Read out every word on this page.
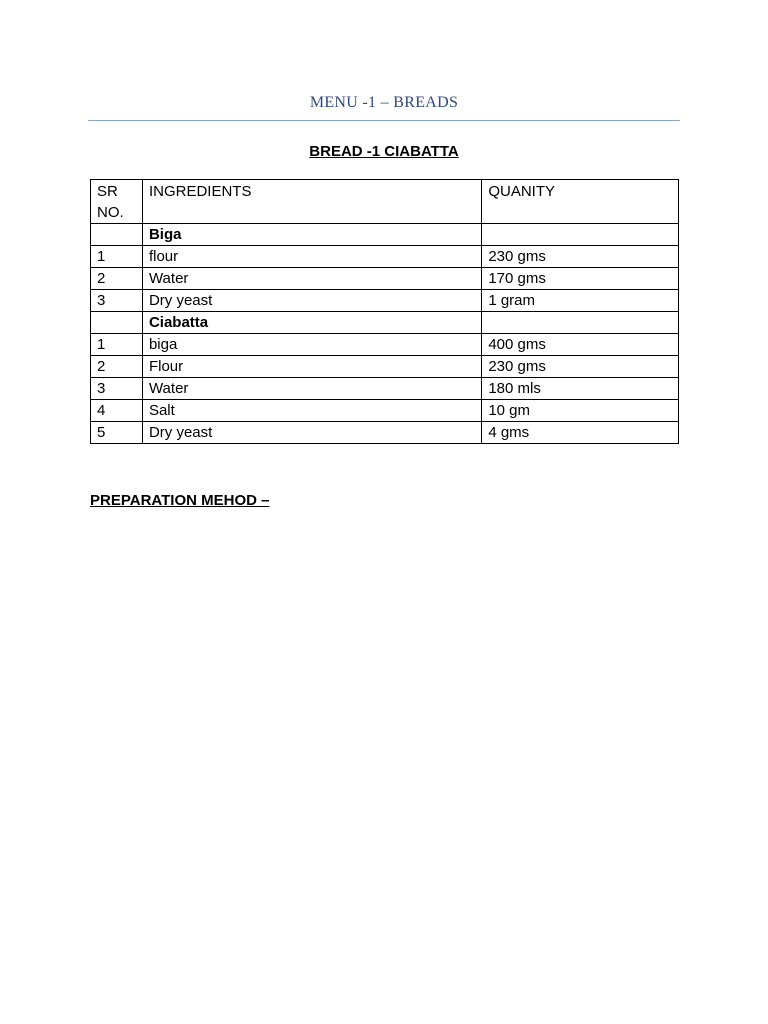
MENU -1 – BREADS
BREAD -1 CIABATTA
SR NO.	INGREDIENTS	QUANITY
	Biga	
1	flour	230 gms
2	Water	170 gms
3	Dry yeast	1 gram
	Ciabatta	
1	biga	400 gms
2	Flour	230 gms
3	Water	180 mls
4	Salt	10 gm
5	Dry yeast	4 gms
PREPARATION MEHOD –
